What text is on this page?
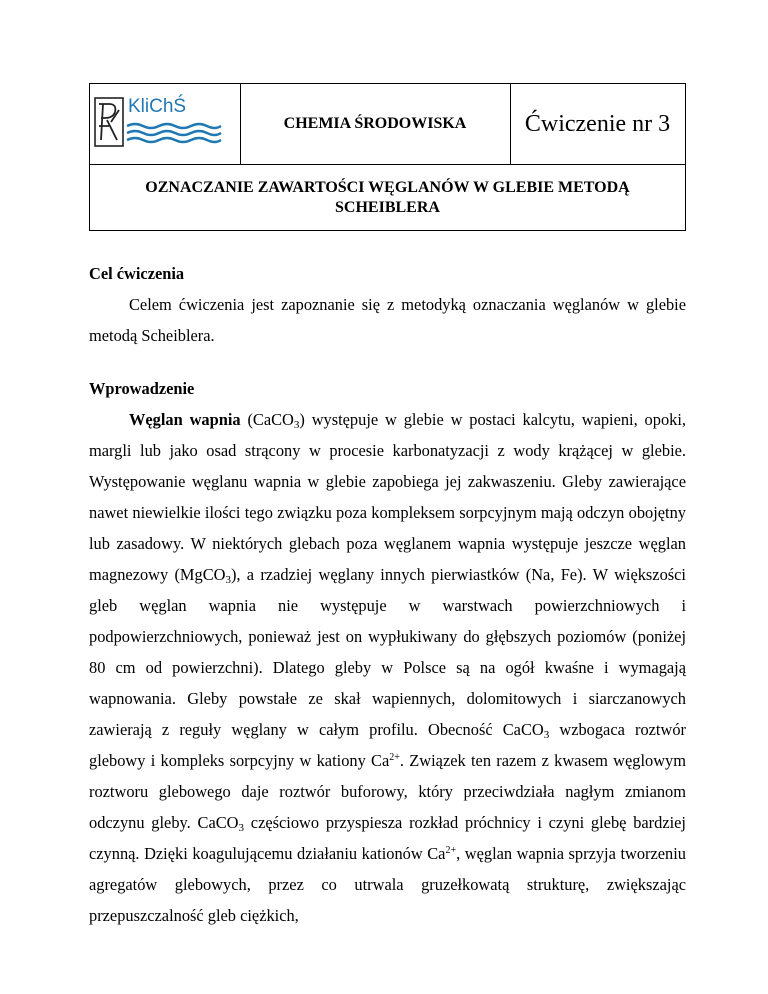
KliChŚ
CHEMIA ŚRODOWISKA Ćwiczenie nr 3
OZNACZANIE ZAWARTOŚCI WĘGLANÓW W GLEBIE METODĄ
SCHEIBLERA

Cel ćwiczenia

Celem ćwiczenia jest zapoznanie się z metodyką oznaczania węglanów w glebie metodą Scheiblera.

Wprowadzenie

Węglan wapnia (CaCO$_3$) występuje w glebie w postaci kalcytu, wapieni, opoki, margli lub jako osad strącony w procesie karbonatyzacji z wody krążącej w glebie. Występowanie węglanu wapnia w glebie zapobiega jej zakwaszeniu. Gleby zawierające nawet niewielkie ilości tego związku poza kompleksem sorpcyjnym mają odczyn obojętny lub zasadowy. W niektórych glebach poza węglanem wapnia występuje jeszcze węglan magnezowy (MgCO$_3$), a rzadziej węglany innych pierwiastków (Na, Fe). W większości gleb węglan wapnia nie występuje w warstwach powierzchniowych i podpowierzchniowych, ponieważ jest on wypłukiwany do głębszych poziomów (poniżej 80 cm od powierzchni). Dlatego gleby w Polsce są na ogół kwaśne i wymagają wapnowania. Gleby powstałe ze skał wapiennych, dolomitowych i siarczanowych zawierają z reguły węglany w całym profilu. Obecność CaCO$_3$ wzbogaca roztwór glebowy i kompleks sorpcyjny w kationy $Ca^{2+}$. Związek ten razem z kwasem węglowym roztworu glebowego daje roztwór buforowy, który przeciwdziała nagłym zmianom odczynu gleby. CaCO$_3$ częściowo przyspiesza rozkład próchnicy i czyni glebę bardziej czynną. Dzięki koagulującemu działaniu kationów $Ca^{2+}$, węglan wapnia sprzyja tworzeniu agregatów glebowych, przez co utrwala gruzełkowatą strukturę, zwiększając przepuszczalność gleb ciężkich,
